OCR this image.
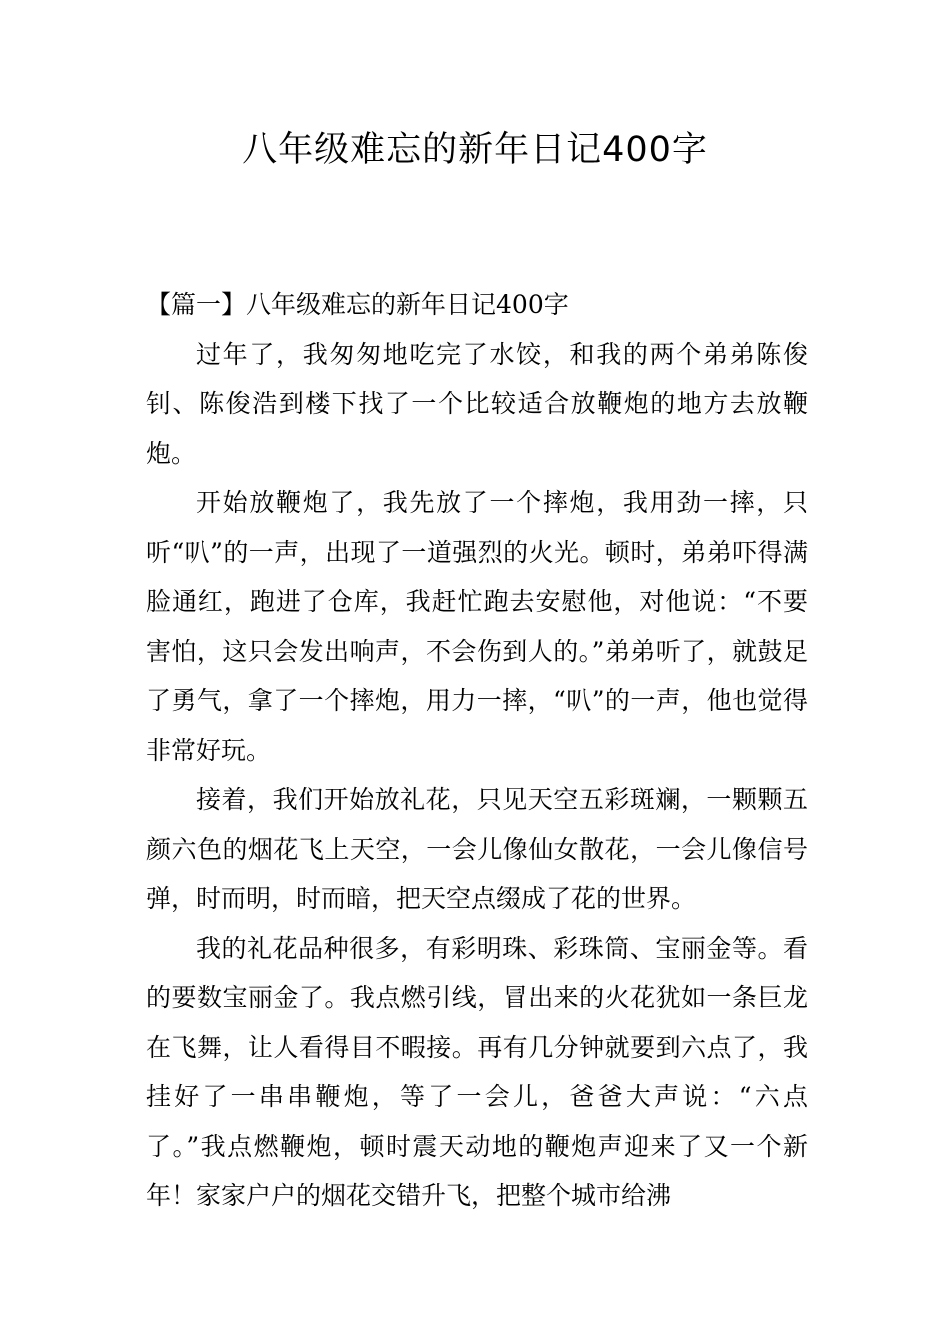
八年级难忘的新年日记400字

【篇一】八年级难忘的新年日记400字

过年了，我匆匆地吃完了水饺，和我的两个弟弟陈俊钊、陈俊浩到楼下找了一个比较适合放鞭炮的地方去放鞭炮。

开始放鞭炮了，我先放了一个摔炮，我用劲一摔，只听“叭”的一声，出现了一道强烈的火光。顿时，弟弟吓得满脸通红，跑进了仓库，我赶忙跑去安慰他，对他说：“不要害怕，这只会发出响声，不会伤到人的。”弟弟听了，就鼓足了勇气，拿了一个摔炮，用力一摔，“叭”的一声，他也觉得非常好玩。

接着，我们开始放礼花，只见天空五彩斑斓，一颗颗五颜六色的烟花飞上天空，一会儿像仙女散花，一会儿像信号弹，时而明，时而暗，把天空点缀成了花的世界。

我的礼花品种很多，有彩明珠、彩珠筒、宝丽金等。看的要数宝丽金了。我点燃引线，冒出来的火花犹如一条巨龙在飞舞，让人看得目不暇接。再有几分钟就要到六点了，我挂好了一串串鞭炮，等了一会儿，爸爸大声说：“六点了。”我点燃鞭炮，顿时震天动地的鞭炮声迎来了又一个新年！家家户户的烟花交错升飞，把整个城市给沸
